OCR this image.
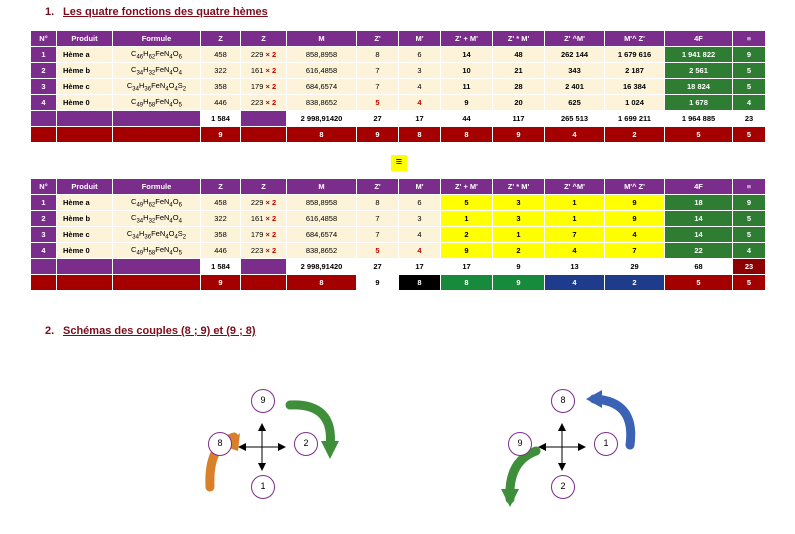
1. Les quatre fonctions des quatre hèmes
N°	Produit	Formule	Z	Z	M	Z'	M'	Z' + M'	Z' * M'	Z' ^M'	M'^ Z'	4F	≡
1	Hème a	$C_{46}H_{62}FeN_4O_6$	458	229 × 2	858,8958	8	6	14	48	262 144	1 679 616	1 941 822	9
2	Hème b	$C_{34}H_{32}FeN_4O_4$	322	161 × 2	616,4858	7	3	10	21	343	2 187	2 561	5
3	Hème c	$C_{34}H_{36}FeN_4O_4S_2$	358	179 × 2	684,6574	7	4	11	28	2 401	16 384	18 824	5
4	Hème 0	$C_{49}H_{58}FeN_4O_5$	446	223 × 2	838,8652	5	4	9	20	625	1 024	1 678	4
			1 584		2 998,91420	27	17	44	117	265 513	1 699 211	1 964 885	23
			9		8	9	8	8	9	4	2	5	5
≡
N°	Produit	Formule	Z	Z	M	Z'	M'	Z' + M'	Z' * M'	Z' ^M'	M'^ Z'	4F	≡
1	Hème a	$C_{49}H_{62}FeN_4O_6$	458	229 × 2	858,8958	8	6	5	3	1	9	18	9
2	Hème b	$C_{34}H_{32}FeN_4O_4$	322	161 × 2	616,4858	7	3	1	3	1	9	14	5
3	Hème c	$C_{34}H_{36}FeN_4O_4S_2$	358	179 × 2	684,6574	7	4	2	1	7	4	14	5
4	Hème 0	$C_{49}H_{58}FeN_4O_5$	446	223 × 2	838,8652	5	4	9	2	4	7	22	4
			1 584		2 998,91420	27	17	17	9	13	29	68	23
			9		8	9	8	8	9	4	2	5	5
2. Schémas des couples (8 ; 9) et (9 ; 8)
9
8	2
1
8
9	1
2
